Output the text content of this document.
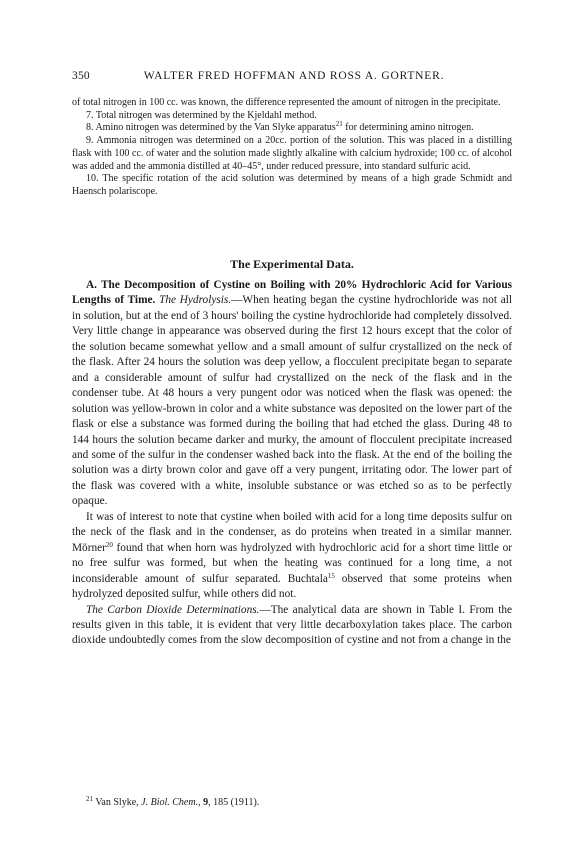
350	WALTER FRED HOFFMAN AND ROSS A. GORTNER.

of total nitrogen in 100 cc. was known, the difference represented the amount of nitrogen in the precipitate.

7. Total nitrogen was determined by the Kjeldahl method.

8. Amino nitrogen was determined by the Van Slyke apparatus$^{21}$ for determining amino nitrogen.

9. Ammonia nitrogen was determined on a 20cc. portion of the solution. This was placed in a distilling flask with 100 cc. of water and the solution made slightly alkaline with calcium hydroxide; 100 cc. of alcohol was added and the ammonia distilled at 40–45°, under reduced pressure, into standard sulfuric acid.

10. The specific rotation of the acid solution was determined by means of a high grade Schmidt and Haensch polariscope.

The Experimental Data.

A. The Decomposition of Cystine on Boiling with 20% Hydrochloric Acid for Various Lengths of Time. The Hydrolysis.—When heating began the cystine hydrochloride was not all in solution, but at the end of 3 hours' boiling the cystine hydrochloride had completely dissolved. Very little change in appearance was observed during the first 12 hours except that the color of the solution became somewhat yellow and a small amount of sulfur crystallized on the neck of the flask. After 24 hours the solution was deep yellow, a flocculent precipitate began to separate and a considerable amount of sulfur had crystallized on the neck of the flask and in the condenser tube. At 48 hours a very pungent odor was noticed when the flask was opened: the solution was yellow-brown in color and a white substance was deposited on the lower part of the flask or else a substance was formed during the boiling that had etched the glass. During 48 to 144 hours the solution became darker and murky, the amount of flocculent precipitate increased and some of the sulfur in the condenser washed back into the flask. At the end of the boiling the solution was a dirty brown color and gave off a very pungent, irritating odor. The lower part of the flask was covered with a white, insoluble substance or was etched so as to be perfectly opaque.

It was of interest to note that cystine when boiled with acid for a long time deposits sulfur on the neck of the flask and in the condenser, as do proteins when treated in a similar manner. Mörner$^{20}$ found that when horn was hydrolyzed with hydrochloric acid for a short time little or no free sulfur was formed, but when the heating was continued for a long time, a not inconsiderable amount of sulfur separated. Buchtala$^{15}$ observed that some proteins when hydrolyzed deposited sulfur, while others did not.

The Carbon Dioxide Determinations.—The analytical data are shown in Table I. From the results given in this table, it is evident that very little decarboxylation takes place. The carbon dioxide undoubtedly comes from the slow decomposition of cystine and not from a change in the

$^{21}$ Van Slyke, J. Biol. Chem., 9, 185 (1911).
